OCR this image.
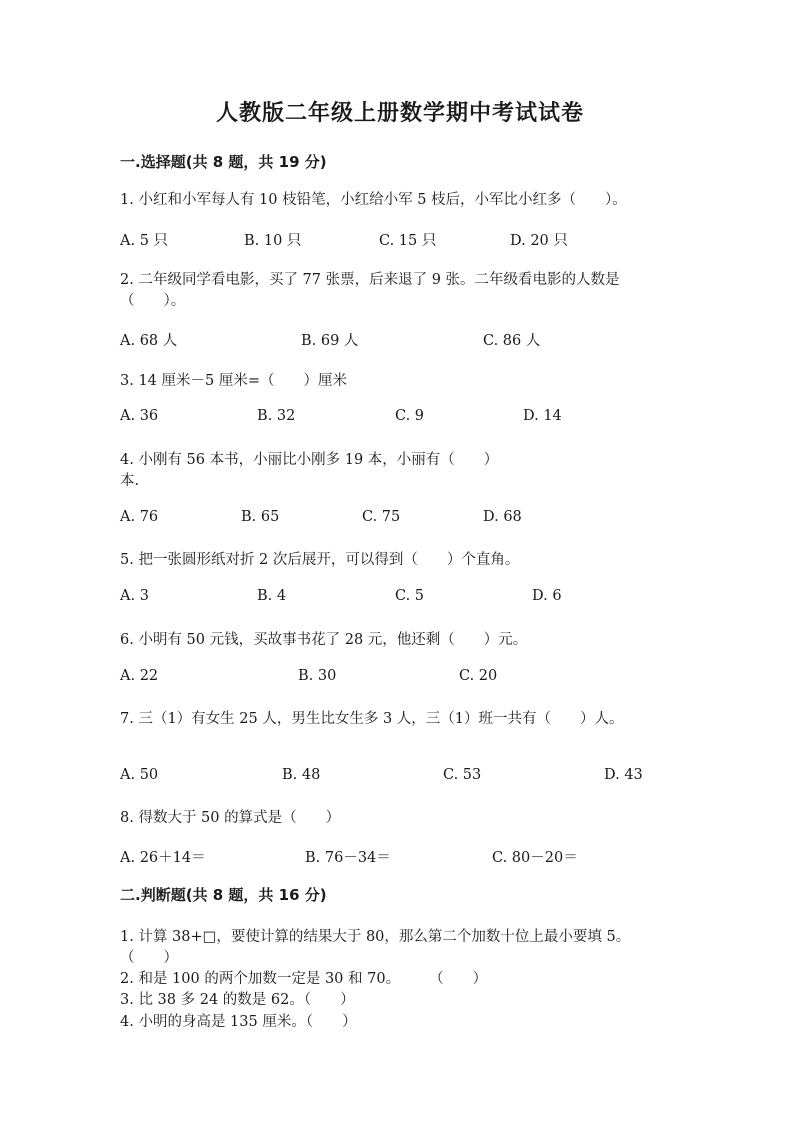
人教版二年级上册数学期中考试试卷
一.选择题(共 8 题，共 19 分)
1. 小红和小军每人有 10 枝铅笔，小红给小军 5 枝后，小军比小红多（　　）。
A. 5 只	B. 10 只	C. 15 只	D. 20 只
2. 二年级同学看电影，买了 77 张票，后来退了 9 张。二年级看电影的人数是
（　　）。
A. 68 人	B. 69 人	C. 86 人
3. 14 厘米－5 厘米=（　　）厘米
A. 36	B. 32	C. 9	D. 14
4. 小刚有 56 本书，小丽比小刚多 19 本，小丽有（　　）
本.
A. 76	B. 65	C. 75	D. 68
5. 把一张圆形纸对折 2 次后展开，可以得到（　　）个直角。
A. 3	B. 4	C. 5	D. 6
6. 小明有 50 元钱，买故事书花了 28 元，他还剩（　　）元。
A. 22	B. 30	C. 20
7. 三（1）有女生 25 人，男生比女生多 3 人，三（1）班一共有（　　）人。
A. 50	B. 48	C. 53	D. 43
8. 得数大于 50 的算式是（　　）
A. 26＋14＝	B. 76－34＝	C. 80－20＝
二.判断题(共 8 题，共 16 分)
1. 计算 38+□，要使计算的结果大于 80，那么第二个加数十位上最小要填 5。
（　　）
2. 和是 100 的两个加数一定是 30 和 70。　　　（　　）
3. 比 38 多 24 的数是 62。（　　）
4. 小明的身高是 135 厘米。（　　）
